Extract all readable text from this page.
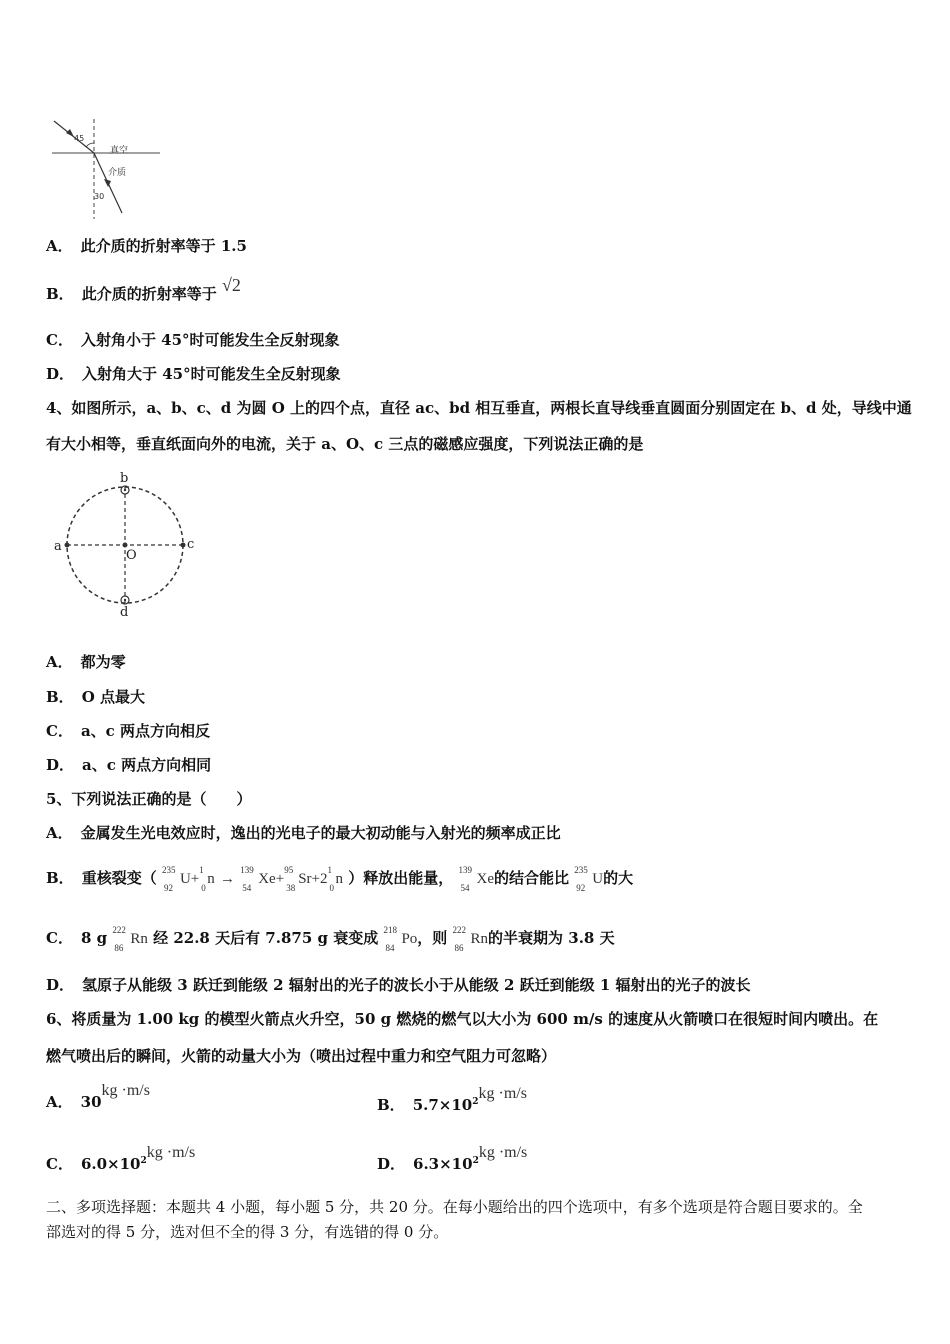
45
真空
介质
30
A． 此介质的折射率等于 1.5
B． 此介质的折射率等于 √2
C． 入射角小于 45°时可能发生全反射现象
D． 入射角大于 45°时可能发生全反射现象
4、如图所示，a、b、c、d 为圆 O 上的四个点，直径 ac、bd 相互垂直，两根长直导线垂直圆面分别固定在 b、d 处，导线中通
有大小相等，垂直纸面向外的电流，关于 a、O、c 三点的磁感应强度，下列说法正确的是
b
d
a	c
O
A． 都为零
B． O 点最大
C． a、c 两点方向相反
D． a、c 两点方向相同
5、下列说法正确的是（　　）
A． 金属发生光电效应时，逸出的光电子的最大初动能与入射光的频率成正比
B． 重核裂变（ 235
92
U+
1
0
n →
139
54
Xe+
95
38
Sr+2
1
0
n ）释放出能量， 139
54
Xe的结合能比 235
92
U的大
C． 8 g 222
86
Rn 经 22.8 天后有 7.875 g 衰变成 218
84
Po，则 222
86
Rn的半衰期为 3.8 天
D． 氢原子从能级 3 跃迁到能级 2 辐射出的光子的波长小于从能级 2 跃迁到能级 1 辐射出的光子的波长
6、将质量为 1.00 kg 的模型火箭点火升空，50 g 燃烧的燃气以大小为 600 m/s 的速度从火箭喷口在很短时间内喷出。在
燃气喷出后的瞬间，火箭的动量大小为（喷出过程中重力和空气阻力可忽略）
A． 30kg ·m/s
B． $5.7\times 10^2kg \cdot m/s$
C． $6.0\times 10^2kg \cdot m/s$
D． $6.3\times 10^2kg \cdot m/s$
二、多项选择题：本题共 4 小题，每小题 5 分，共 20 分。在每小题给出的四个选项中，有多个选项是符合题目要求的。全
部选对的得 5 分，选对但不全的得 3 分，有选错的得 0 分。
